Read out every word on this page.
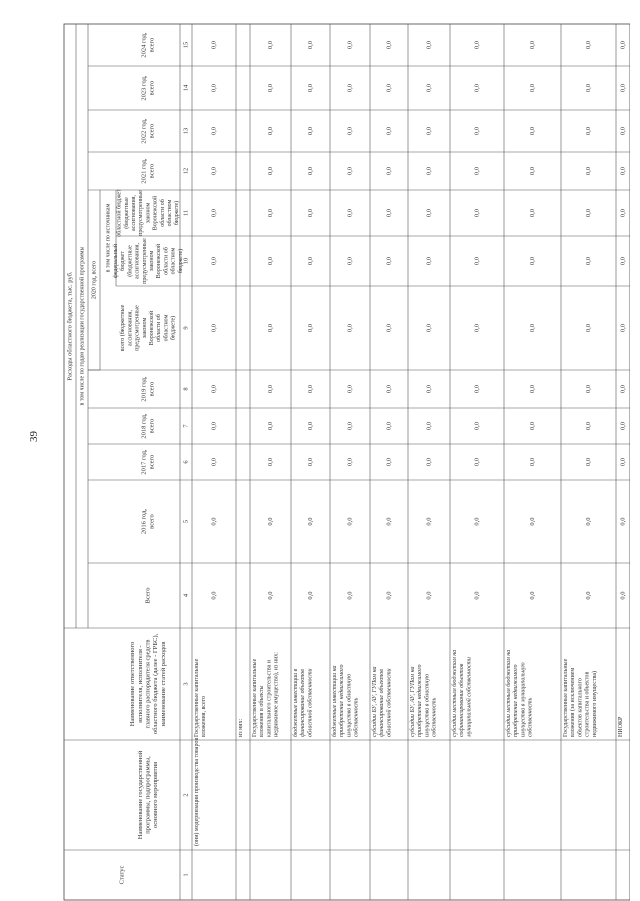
39
Статус
Наименование государственной программы, подпрограммы, основного мероприятия
Наименование ответственного исполнителя, исполнителя - главного распорядителя средств областного бюджета (далее - ГРБС), наименование статей расходов
Расходы областного бюджета, тыс. руб. в том числе по годам реализации государственной программы
Всего
2016 год, всего
2017 год, всего
2018 год, всего
2019 год, всего
2020 год, всего
всего (бюджетные ассигнования, предусмотренные законом Воронежской области об областном бюджете)
в том числе по источникам федеральный бюджет (бюджетные ассигнования, предусмотренные законом Воронежской области об областном бюджете)
областной бюджет (бюджетные ассигнования, предусмотренные законом Воронежской области об областном бюджете)
2021 год, всего
2022 год, всего
2023 год, всего
2024 год, всего
1
2
3
4
5
6
7
8
9
10
11
12
13
14
15
(они) модернизации производства товаров
Государственные капитальные вложения, всего
0,0
0,0
0,0
0,0
0,0
0,0
0,0
0,0
0,0
0,0
0,0
0,0
из них: Государственные капитальные вложения в объекты капитального строительства и недвижимое имущество), из них:
0,0
0,0
0,0
0,0
0,0
0,0
0,0
0,0
0,0
0,0
0,0
0,0
бюджетные инвестиции в финансирование объектов областной собственности
0,0
0,0
0,0
0,0
0,0
0,0
0,0
0,0
0,0
0,0
0,0
0,0
бюджетные инвестиции на приобретение недвижимого имущества в областную собственность
0,0
0,0
0,0
0,0
0,0
0,0
0,0
0,0
0,0
0,0
0,0
0,0
субсидии БУ, АУ, ГУПам на финансирование объектов областной собственности
0,0
0,0
0,0
0,0
0,0
0,0
0,0
0,0
0,0
0,0
0,0
0,0
субсидии БУ, АУ, ГУПам на приобретение недвижимого имущества в областную собственность
0,0
0,0
0,0
0,0
0,0
0,0
0,0
0,0
0,0
0,0
0,0
0,0
субсидии местным бюджетам на софинансирование объектов муниципальной собственности
0,0
0,0
0,0
0,0
0,0
0,0
0,0
0,0
0,0
0,0
0,0
0,0
субсидии местным бюджетам на приобретение недвижимого имущества в муниципальную собственность
0,0
0,0
0,0
0,0
0,0
0,0
0,0
0,0
0,0
0,0
0,0
0,0
Государственные капитальные вложения (за исключением объектов капитального строительства и объектов недвижимого имущества)
0,0
0,0
0,0
0,0
0,0
0,0
0,0
0,0
0,0
0,0
0,0
0,0
НИОКР
0,0
0,0
0,0
0,0
0,0
0,0
0,0
0,0
0,0
0,0
0,0
0,0
